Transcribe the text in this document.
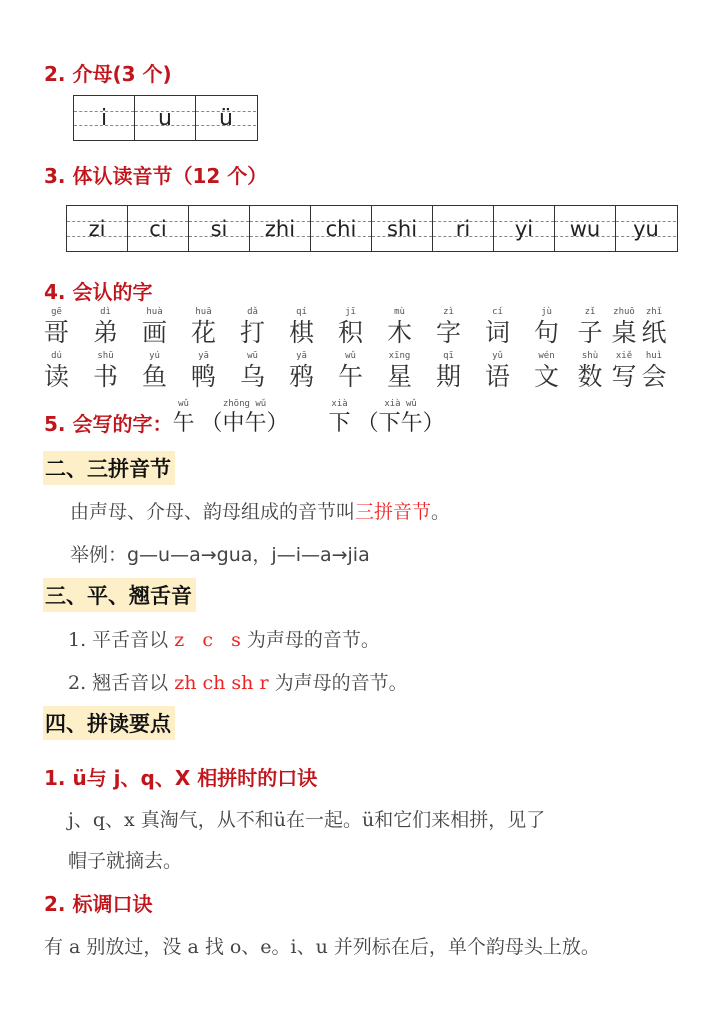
2. 介母(3 个)
i u ü
3. 体认读音节（12 个）
zi ci si zhi chi shi ri yi wu yu
4. 会认的字
gē
哥
dì
弟
huà
画
huā
花
dǎ
打
qí
棋
jī
积
mù
木
zì
字
cí
词
jù
句
zǐ
子
zhuō
桌
zhǐ
纸
dú
读
shū
书
yú
鱼
yā
鸭
wū
乌
yā
鸦
wǔ
午
xīng
星
qī
期
yǔ
语
wén
文
shù
数
xiě
写
huì
会
5. 会写的字：
wǔ
午 （
zhōng wǔ
中午 ）
xià
下 （
xià wǔ
下午 ）
二、三拼音节
由声母、介母、韵母组成的音节叫三拼音节。
举例：g—u—a→gua，j—i—a→jia
三、平、翘舌音
1. 平舌音以 z   c   s 为声母的音节。
2. 翘舌音以 zh ch sh r 为声母的音节。
四、拼读要点
1. ü与 j、q、X 相拼时的口诀
j、q、x 真淘气，从不和ü在一起。ü和它们来相拼，见了
帽子就摘去。
2. 标调口诀
有 a 别放过，没 a 找 o、e。i、u 并列标在后，单个韵母头上放。
